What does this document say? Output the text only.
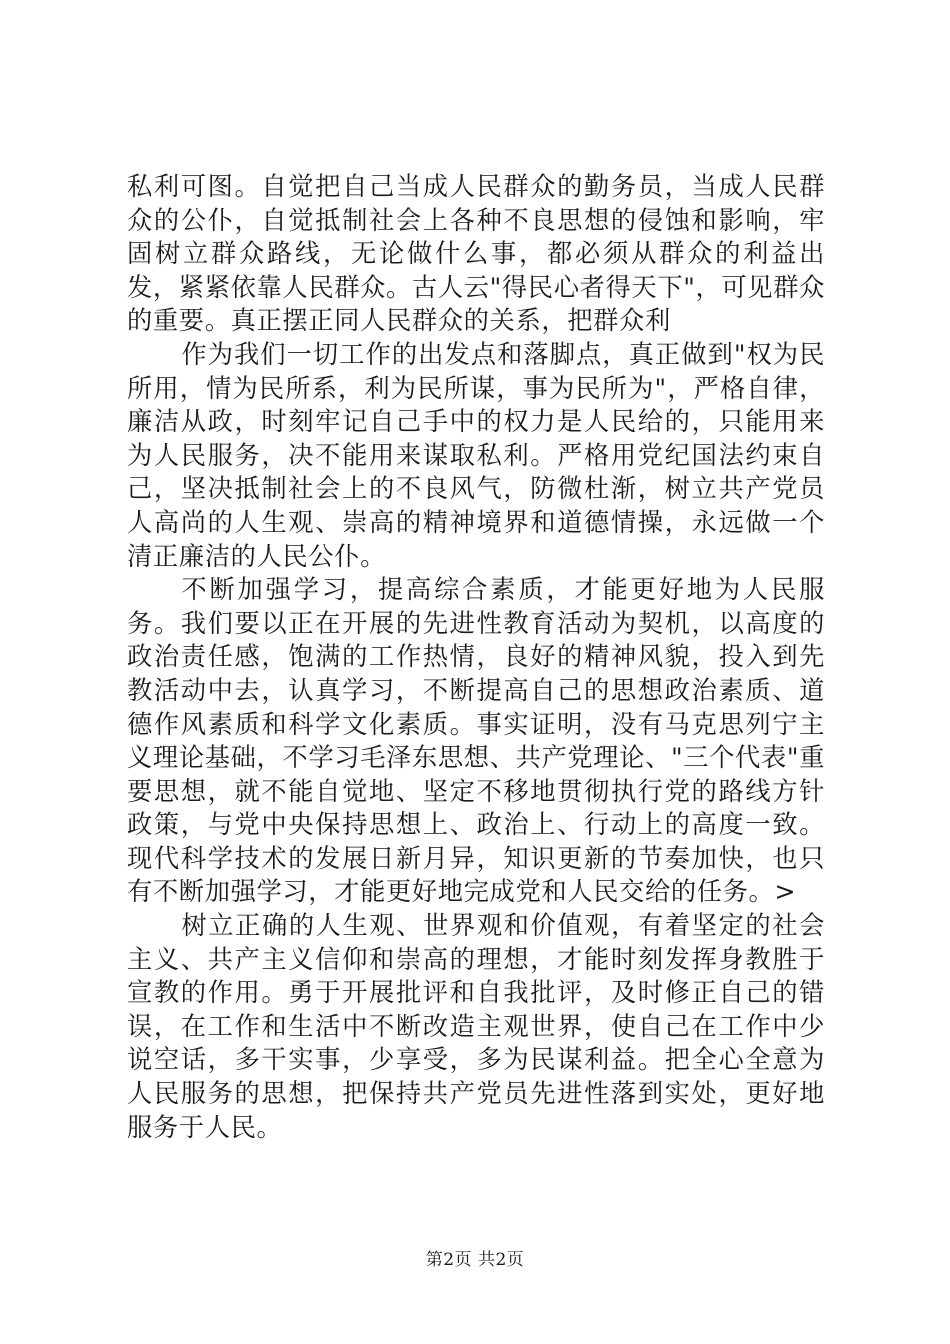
私利可图。自觉把自己当成人民群众的勤务员，当成人民群众的公仆，自觉抵制社会上各种不良思想的侵蚀和影响，牢固树立群众路线，无论做什么事，都必须从群众的利益出发，紧紧依靠人民群众。古人云"得民心者得天下"，可见群众的重要。真正摆正同人民群众的关系，把群众利

作为我们一切工作的出发点和落脚点，真正做到"权为民所用，情为民所系，利为民所谋，事为民所为"，严格自律，廉洁从政，时刻牢记自己手中的权力是人民给的，只能用来为人民服务，决不能用来谋取私利。严格用党纪国法约束自己，坚决抵制社会上的不良风气，防微杜渐，树立共产党员人高尚的人生观、崇高的精神境界和道德情操，永远做一个清正廉洁的人民公仆。

不断加强学习，提高综合素质，才能更好地为人民服务。我们要以正在开展的先进性教育活动为契机，以高度的政治责任感，饱满的工作热情，良好的精神风貌，投入到先教活动中去，认真学习，不断提高自己的思想政治素质、道德作风素质和科学文化素质。事实证明，没有马克思列宁主义理论基础，不学习毛泽东思想、共产党理论、"三个代表"重要思想，就不能自觉地、坚定不移地贯彻执行党的路线方针政策，与党中央保持思想上、政治上、行动上的高度一致。现代科学技术的发展日新月异，知识更新的节奏加快，也只有不断加强学习，才能更好地完成党和人民交给的任务。>

树立正确的人生观、世界观和价值观，有着坚定的社会主义、共产主义信仰和崇高的理想，才能时刻发挥身教胜于宣教的作用。勇于开展批评和自我批评，及时修正自己的错误，在工作和生活中不断改造主观世界，使自己在工作中少说空话，多干实事，少享受，多为民谋利益。把全心全意为人民服务的思想，把保持共产党员先进性落到实处，更好地服务于人民。

第2页 共2页
